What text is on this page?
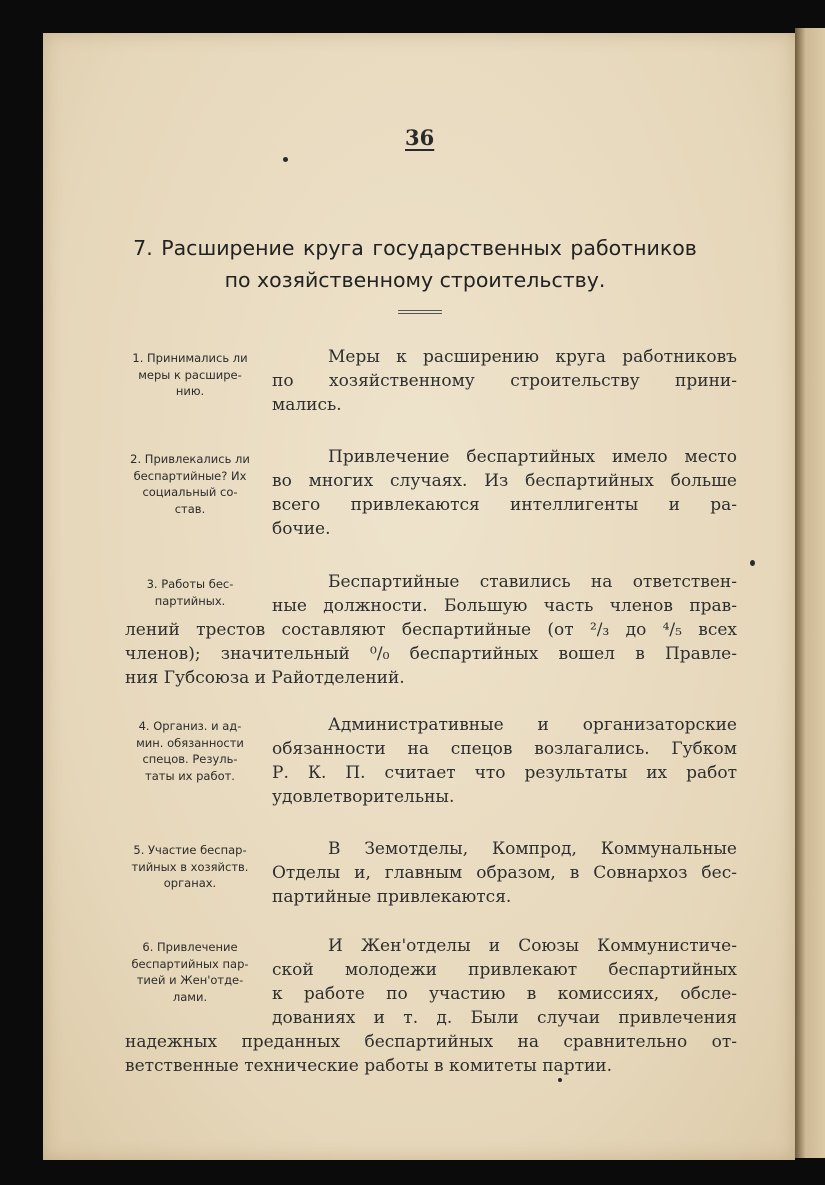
36
7. Расширение круга государственных работников
по хозяйственному строительству.
1. Принимались ли
меры к расшире-
нию.
Меры к расширению круга работниковъ
по хозяйственному строительству прини-
мались.
2. Привлекались ли
беспартийные? Их
социальный со-
став.
Привлечение беспартийных имело место
во многих случаях. Из беспартийных больше
всего привлекаются интеллигенты и ра-
бочие.
3. Работы бес-
партийных.
Беспартийные ставились на ответствен-
ные должности. Большую часть членов прав-
лений трестов составляют беспартийные (от ²/₃ до ⁴/₅ всех
членов); значительный ⁰/₀ беспартийных вошел в Правле-
ния Губсоюза и Райотделений.
4. Организ. и ад-
мин. обязанности
спецов. Резуль-
таты их работ.
Административные и организаторские
обязанности на спецов возлагались. Губком
Р. К. П. считает что результаты их работ
удовлетворительны.
5. Участие беспар-
тийных в хозяйств.
органах.
В Земотделы, Компрод, Коммунальные
Отделы и, главным образом, в Совнархоз бес-
партийные привлекаются.
6. Привлечение
беспартийных пар-
тией и Жен'отде-
лами.
И Жен'отделы и Союзы Коммунистиче-
ской молодежи привлекают беспартийных
к работе по участию в комиссиях, обсле-
дованиях и т. д. Были случаи привлечения
надежных преданных беспартийных на сравнительно от-
ветственные технические работы в комитеты партии.
